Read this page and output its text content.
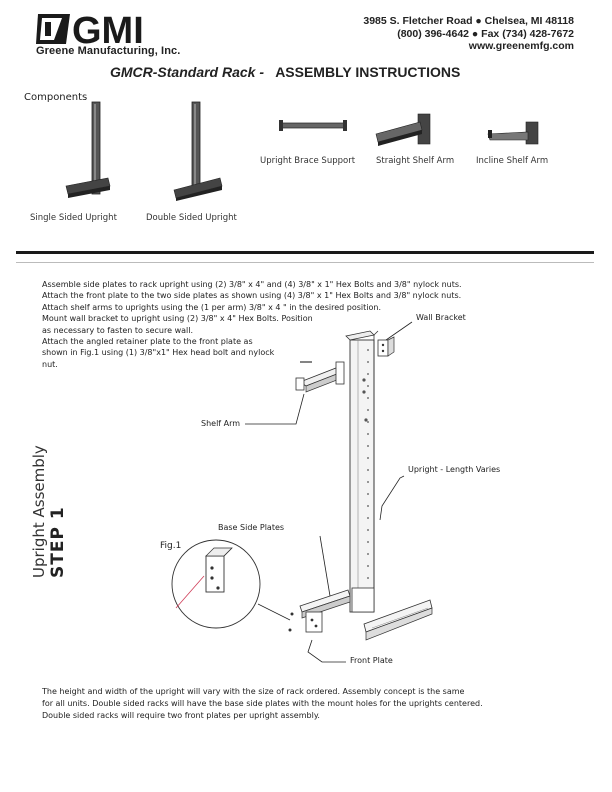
GMI
Greene Manufacturing, Inc.
3985 S. Fletcher Road ● Chelsea, MI 48118
(800) 396-4642 ● Fax (734) 428-7672
www.greenemfg.com
GMCR-Standard Rack - ASSEMBLY INSTRUCTIONS
Components
Single Sided Upright	Double Sided Upright
Upright Brace Support Straight Shelf Arm	Incline Shelf Arm

Assemble side plates to rack upright using (2) 3/8" x 4" and (4) 3/8" x 1" Hex Bolts and 3/8" nylock nuts.

Attach the front plate to the two side plates as shown using (4) 3/8" x 1" Hex Bolts and 3/8" nylock nuts.

Attach shelf arms to uprights using the (1 per arm) 3/8" x 4 " in the desired position.

Mount wall bracket to upright using (2) 3/8" x 4" Hex Bolts. Position

as necessary to fasten to secure wall.

Attach the angled retainer plate to the front plate as

shown in Fig.1 using (1) 3/8"x1" Hex head bolt and nylock

nut.

Upright Assembly STEP 1
Wall Bracket
Shelf Arm
Upright - Length Varies
Base Side Plates
Fig.1
Front Plate

The height and width of the upright will vary with the size of rack ordered. Assembly concept is the same

for all units. Double sided racks will have the base side plates with the mount holes for the uprights centered.

Double sided racks will require two front plates per upright assembly.
